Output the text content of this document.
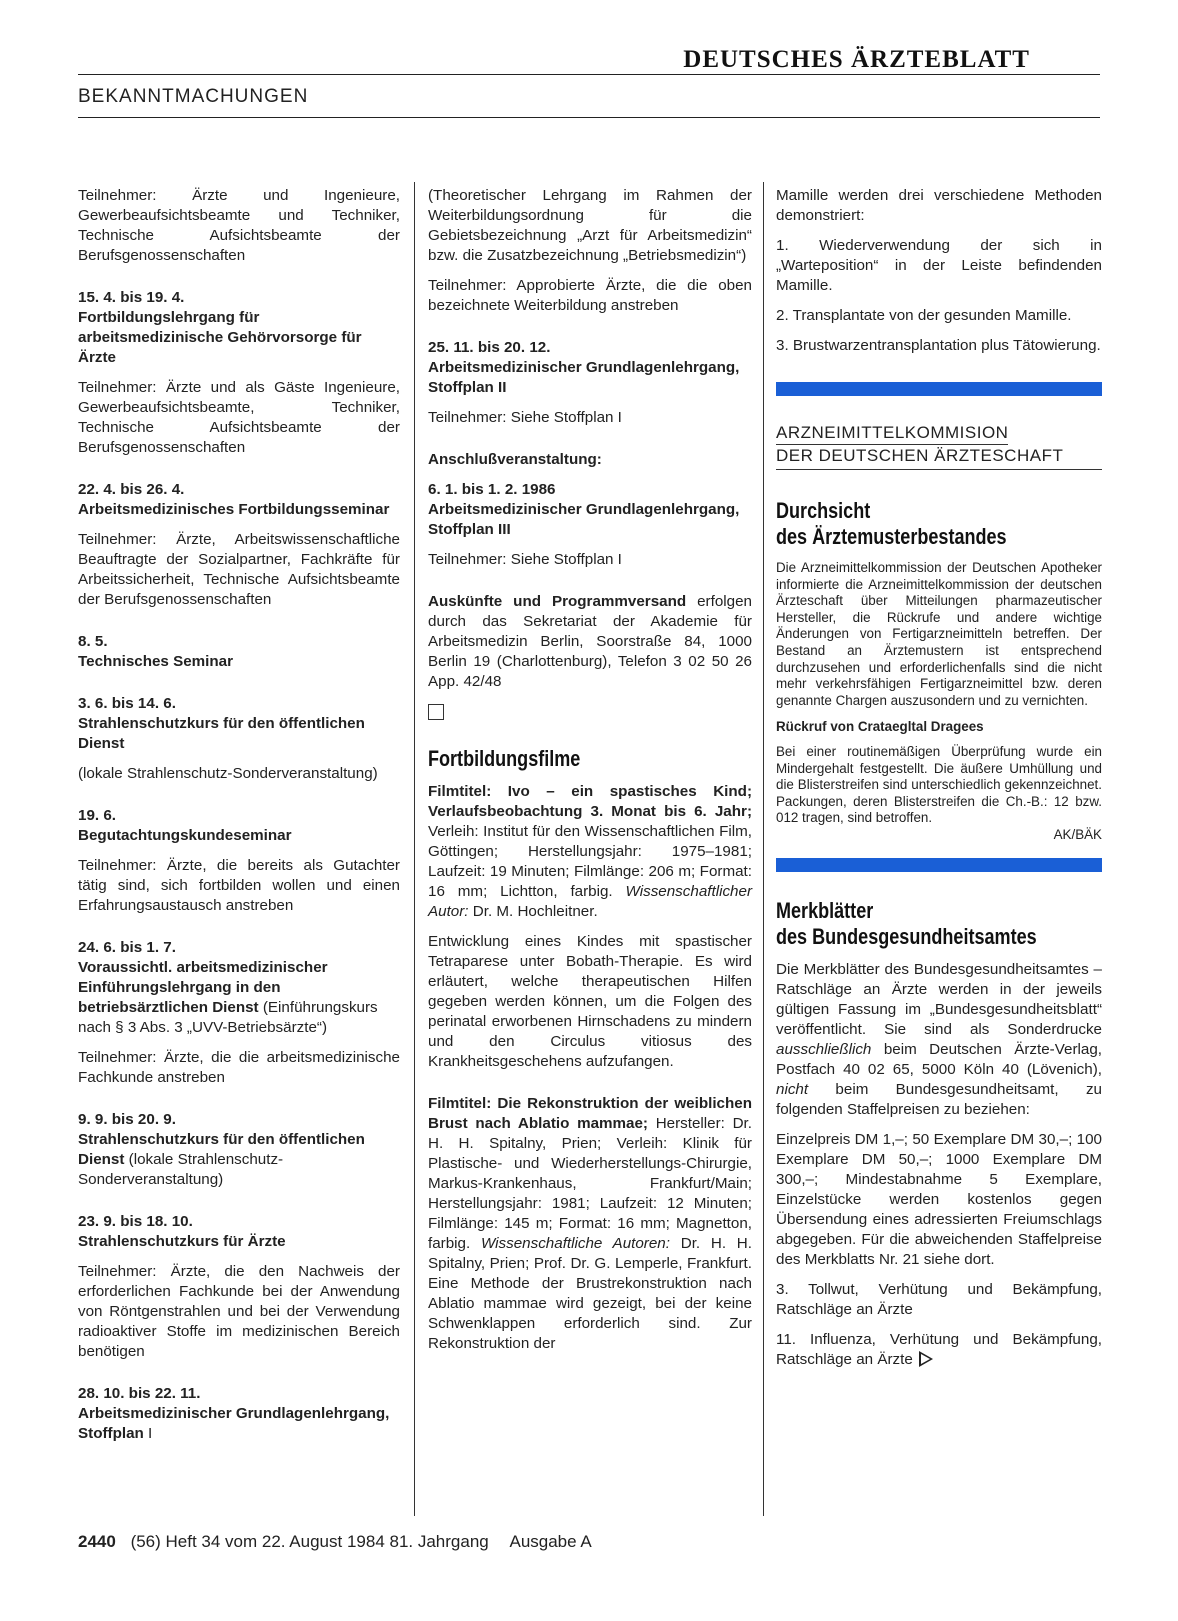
DEUTSCHES ÄRZTEBLATT
BEKANNTMACHUNGEN

Teilnehmer: Ärzte und Ingenieure, Gewerbeaufsichtsbeamte und Techniker, Technische Aufsichtsbeamte der Berufsgenossenschaften

15. 4. bis 19. 4.
Fortbildungslehrgang für arbeitsmedizinische Gehörvorsorge für Ärzte

Teilnehmer: Ärzte und als Gäste Ingenieure, Gewerbeaufsichtsbeamte, Techniker, Technische Aufsichtsbeamte der Berufsgenossenschaften

22. 4. bis 26. 4.
Arbeitsmedizinisches Fortbildungsseminar

Teilnehmer: Ärzte, Arbeitswissenschaftliche Beauftragte der Sozialpartner, Fachkräfte für Arbeitssicherheit, Technische Aufsichtsbeamte der Berufsgenossenschaften

8. 5.
Technisches Seminar
3. 6. bis 14. 6.
Strahlenschutzkurs für den öffentlichen Dienst

(lokale Strahlenschutz-Sonderveranstaltung)

19. 6.
Begutachtungskundeseminar

Teilnehmer: Ärzte, die bereits als Gutachter tätig sind, sich fortbilden wollen und einen Erfahrungsaustausch anstreben

24. 6. bis 1. 7.
Voraussichtl. arbeitsmedizinischer Einführungslehrgang in den betriebsärztlichen Dienst (Einführungskurs nach § 3 Abs. 3 „UVV-Betriebsärzte“)

Teilnehmer: Ärzte, die die arbeitsmedizinische Fachkunde anstreben

9. 9. bis 20. 9.
Strahlenschutzkurs für den öffentlichen Dienst (lokale Strahlenschutz-Sonderveranstaltung)
23. 9. bis 18. 10.
Strahlenschutzkurs für Ärzte

Teilnehmer: Ärzte, die den Nachweis der erforderlichen Fachkunde bei der Anwendung von Röntgenstrahlen und bei der Verwendung radioaktiver Stoffe im medizinischen Bereich benötigen

28. 10. bis 22. 11.
Arbeitsmedizinischer Grundlagenlehrgang, Stoffplan I

(Theoretischer Lehrgang im Rahmen der Weiterbildungsordnung für die Gebietsbezeichnung „Arzt für Arbeitsmedizin“ bzw. die Zusatzbezeichnung „Betriebsmedizin“)

Teilnehmer: Approbierte Ärzte, die die oben bezeichnete Weiterbildung anstreben

25. 11. bis 20. 12.
Arbeitsmedizinischer Grundlagenlehrgang, Stoffplan II

Teilnehmer: Siehe Stoffplan I

Anschlußveranstaltung:
6. 1. bis 1. 2. 1986
Arbeitsmedizinischer Grundlagenlehrgang, Stoffplan III

Teilnehmer: Siehe Stoffplan I

Auskünfte und Programmversand erfolgen durch das Sekretariat der Akademie für Arbeitsmedizin Berlin, Soorstraße 84, 1000 Berlin 19 (Charlottenburg), Telefon 3 02 50 26 App. 42/48

Fortbildungsfilme

Filmtitel: Ivo – ein spastisches Kind; Verlaufsbeobachtung 3. Monat bis 6. Jahr; Verleih: Institut für den Wissenschaftlichen Film, Göttingen; Herstellungsjahr: 1975–1981; Laufzeit: 19 Minuten; Filmlänge: 206 m; Format: 16 mm; Lichtton, farbig. Wissenschaftlicher Autor: Dr. M. Hochleitner.

Entwicklung eines Kindes mit spastischer Tetraparese unter Bobath-Therapie. Es wird erläutert, welche therapeutischen Hilfen gegeben werden können, um die Folgen des perinatal erworbenen Hirnschadens zu mindern und den Circulus vitiosus des Krankheitsgeschehens aufzufangen.

Filmtitel: Die Rekonstruktion der weiblichen Brust nach Ablatio mammae; Hersteller: Dr. H. H. Spitalny, Prien; Verleih: Klinik für Plastische- und Wiederherstellungs-Chirurgie, Markus-Krankenhaus, Frankfurt/Main; Herstellungsjahr: 1981; Laufzeit: 12 Minuten; Filmlänge: 145 m; Format: 16 mm; Magnetton, farbig. Wissenschaftliche Autoren: Dr. H. H. Spitalny, Prien; Prof. Dr. G. Lemperle, Frankfurt. Eine Methode der Brustrekonstruktion nach Ablatio mammae wird gezeigt, bei der keine Schwenklappen erforderlich sind. Zur Rekonstruktion der

Mamille werden drei verschiedene Methoden demonstriert:

1. Wiederverwendung der sich in „Warteposition“ in der Leiste befindenden Mamille.

2. Transplantate von der gesunden Mamille.

3. Brustwarzentransplantation plus Tätowierung.

ARZNEIMITTELKOMMISION
DER DEUTSCHEN ÄRZTESCHAFT
Durchsicht
des Ärztemusterbestandes

Die Arzneimittelkommission der Deutschen Apotheker informierte die Arzneimittelkommission der deutschen Ärzteschaft über Mitteilungen pharmazeutischer Hersteller, die Rückrufe und andere wichtige Änderungen von Fertigarzneimitteln betreffen. Der Bestand an Ärztemustern ist entsprechend durchzusehen und erforderlichenfalls sind die nicht mehr verkehrsfähigen Fertigarzneimittel bzw. deren genannte Chargen auszusondern und zu vernichten.

Rückruf von Crataegltal Dragees

Bei einer routinemäßigen Überprüfung wurde ein Mindergehalt festgestellt. Die äußere Umhüllung und die Blisterstreifen sind unterschiedlich gekennzeichnet. Packungen, deren Blisterstreifen die Ch.-B.: 12 bzw. 012 tragen, sind betroffen.

AK/BÄK
Merkblätter
des Bundesgesundheitsamtes

Die Merkblätter des Bundesgesundheitsamtes – Ratschläge an Ärzte werden in der jeweils gültigen Fassung im „Bundesgesundheitsblatt“ veröffentlicht. Sie sind als Sonderdrucke ausschließlich beim Deutschen Ärzte-Verlag, Postfach 40 02 65, 5000 Köln 40 (Lövenich), nicht beim Bundesgesundheitsamt, zu folgenden Staffelpreisen zu beziehen:

Einzelpreis DM 1,–; 50 Exemplare DM 30,–; 100 Exemplare DM 50,–; 1000 Exemplare DM 300,–; Mindestabnahme 5 Exemplare, Einzelstücke werden kostenlos gegen Übersendung eines adressierten Freiumschlags abgegeben. Für die abweichenden Staffelpreise des Merkblatts Nr. 21 siehe dort.

3. Tollwut, Verhütung und Bekämpfung, Ratschläge an Ärzte

11. Influenza, Verhütung und Bekämpfung, Ratschläge an Ärzte

2440 (56) Heft 34 vom 22. August 1984 81. Jahrgang Ausgabe A
